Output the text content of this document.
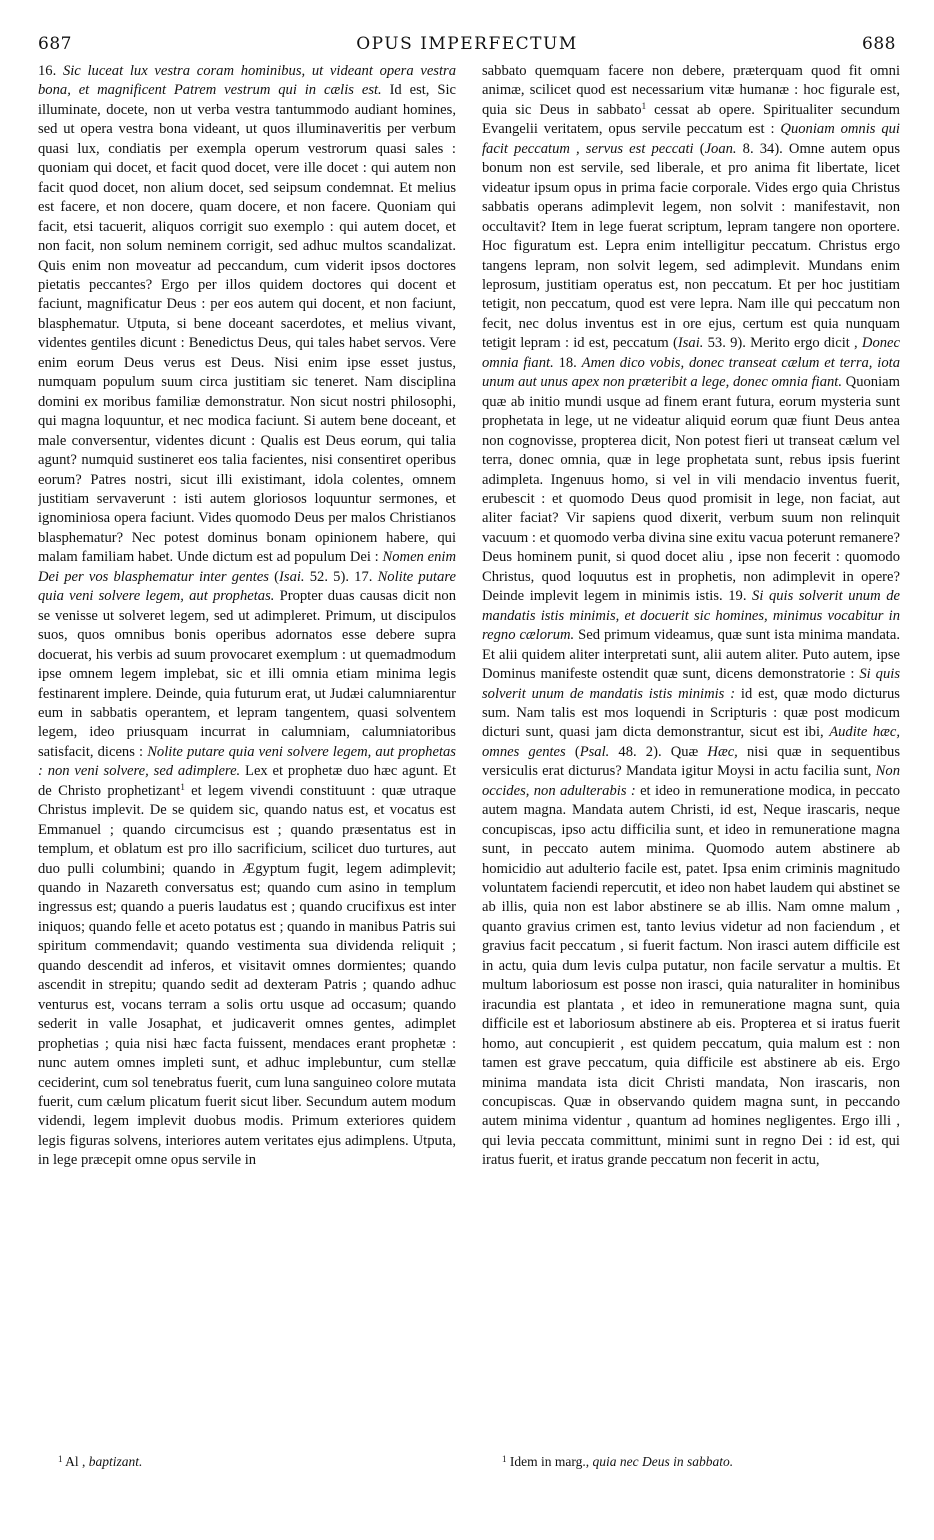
687	OPUS IMPERFECTUM	688

16. Sic luceat lux vestra coram hominibus, ut videant opera vestra bona, et magnificent Patrem vestrum qui in cælis est. Id est, Sic illuminate, docete, non ut verba vestra tantummodo audiant homines, sed ut opera vestra bona videant, ut quos illuminaveritis per verbum quasi lux, condiatis per exempla operum vestrorum quasi sales : quoniam qui docet, et facit quod docet, vere ille docet : qui autem non facit quod docet, non alium docet, sed seipsum condemnat. Et melius est facere, et non docere, quam docere, et non facere. Quoniam qui facit, etsi tacuerit, aliquos corrigit suo exemplo : qui autem docet, et non facit, non solum neminem corrigit, sed adhuc multos scandalizat. Quis enim non moveatur ad peccandum, cum viderit ipsos doctores pietatis peccantes? Ergo per illos quidem doctores qui docent et faciunt, magnificatur Deus : per eos autem qui docent, et non faciunt, blasphematur. Utputa, si bene doceant sacerdotes, et melius vivant, videntes gentiles dicunt : Benedictus Deus, qui tales habet servos. Vere enim eorum Deus verus est Deus. Nisi enim ipse esset justus, numquam populum suum circa justitiam sic teneret. Nam disciplina domini ex moribus familiæ demonstratur. Non sicut nostri philosophi, qui magna loquuntur, et nec modica faciunt. Si autem bene doceant, et male conversentur, videntes dicunt : Qualis est Deus eorum, qui talia agunt? numquid sustineret eos talia facientes, nisi consentiret operibus eorum? Patres nostri, sicut illi existimant, idola colentes, omnem justitiam servaverunt : isti autem gloriosos loquuntur sermones, et ignominiosa opera faciunt. Vides quomodo Deus per malos Christianos blasphematur? Nec potest dominus bonam opinionem habere, qui malam familiam habet. Unde dictum est ad populum Dei : Nomen enim Dei per vos blasphematur inter gentes (Isai. 52. 5). 17. Nolite putare quia veni solvere legem, aut prophetas. Propter duas causas dicit non se venisse ut solveret legem, sed ut adimpleret. Primum, ut discipulos suos, quos omnibus bonis operibus adornatos esse debere supra docuerat, his verbis ad suum provocaret exemplum : ut quemadmodum ipse omnem legem implebat, sic et illi omnia etiam minima legis festinarent implere. Deinde, quia futurum erat, ut Judæi calumniarentur eum in sabbatis operantem, et lepram tangentem, quasi solventem legem, ideo priusquam incurrat in calumniam, calumniatoribus satisfacit, dicens : Nolite putare quia veni solvere legem, aut prophetas : non veni solvere, sed adimplere. Lex et prophetæ duo hæc agunt. Et de Christo prophetizant$^1$ et legem vivendi constituunt : quæ utraque Christus implevit. De se quidem sic, quando natus est, et vocatus est Emmanuel ; quando circumcisus est ; quando præsentatus est in templum, et oblatum est pro illo sacrificium, scilicet duo turtures, aut duo pulli columbini; quando in Ægyptum fugit, legem adimplevit; quando in Nazareth conversatus est; quando cum asino in templum ingressus est; quando a pueris laudatus est ; quando crucifixus est inter iniquos; quando felle et aceto potatus est ; quando in manibus Patris sui spiritum commendavit; quando vestimenta sua dividenda reliquit ; quando descendit ad inferos, et visitavit omnes dormientes; quando ascendit in strepitu; quando sedit ad dexteram Patris ; quando adhuc venturus est, vocans terram a solis ortu usque ad occasum; quando sederit in valle Josaphat, et judicaverit omnes gentes, adimplet prophetias ; quia nisi hæc facta fuissent, mendaces erant prophetæ : nunc autem omnes impleti sunt, et adhuc implebuntur, cum stellæ ceciderint, cum sol tenebratus fuerit, cum luna sanguineo colore mutata fuerit, cum cælum plicatum fuerit sicut liber. Secundum autem modum videndi, legem implevit duobus modis. Primum exteriores quidem legis figuras solvens, interiores autem veritates ejus adimplens. Utputa, in lege præcepit omne opus servile in

sabbato quemquam facere non debere, præterquam quod fit omni animæ, scilicet quod est necessarium vitæ humanæ : hoc figurale est, quia sic Deus in sabbato$^1$ cessat ab opere. Spiritualiter secundum Evangelii veritatem, opus servile peccatum est : Quoniam omnis qui facit peccatum , servus est peccati (Joan. 8. 34). Omne autem opus bonum non est servile, sed liberale, et pro anima fit libertate, licet videatur ipsum opus in prima facie corporale. Vides ergo quia Christus sabbatis operans adimplevit legem, non solvit : manifestavit, non occultavit? Item in lege fuerat scriptum, lepram tangere non oportere. Hoc figuratum est. Lepra enim intelligitur peccatum. Christus ergo tangens lepram, non solvit legem, sed adimplevit. Mundans enim leprosum, justitiam operatus est, non peccatum. Et per hoc justitiam tetigit, non peccatum, quod est vere lepra. Nam ille qui peccatum non fecit, nec dolus inventus est in ore ejus, certum est quia nunquam tetigit lepram : id est, peccatum (Isai. 53. 9). Merito ergo dicit , Donec omnia fiant. 18. Amen dico vobis, donec transeat cælum et terra, iota unum aut unus apex non præteribit a lege, donec omnia fiant. Quoniam quæ ab initio mundi usque ad finem erant futura, eorum mysteria sunt prophetata in lege, ut ne videatur aliquid eorum quæ fiunt Deus antea non cognovisse, propterea dicit, Non potest fieri ut transeat cælum vel terra, donec omnia, quæ in lege prophetata sunt, rebus ipsis fuerint adimpleta. Ingenuus homo, si vel in vili mendacio inventus fuerit, erubescit : et quomodo Deus quod promisit in lege, non faciat, aut aliter faciat? Vir sapiens quod dixerit, verbum suum non relinquit vacuum : et quomodo verba divina sine exitu vacua poterunt remanere? Deus hominem punit, si quod docet aliu , ipse non fecerit : quomodo Christus, quod loquutus est in prophetis, non adimplevit in opere? Deinde implevit legem in minimis istis. 19. Si quis solverit unum de mandatis istis minimis, et docuerit sic homines, minimus vocabitur in regno cælorum. Sed primum videamus, quæ sunt ista minima mandata. Et alii quidem aliter interpretati sunt, alii autem aliter. Puto autem, ipse Dominus manifeste ostendit quæ sunt, dicens demonstratorie : Si quis solverit unum de mandatis istis minimis : id est, quæ modo dicturus sum. Nam talis est mos loquendi in Scripturis : quæ post modicum dicturi sunt, quasi jam dicta demonstrantur, sicut est ibi, Audite hæc, omnes gentes (Psal. 48. 2). Quæ Hæc, nisi quæ in sequentibus versiculis erat dicturus? Mandata igitur Moysi in actu facilia sunt, Non occides, non adulterabis : et ideo in remuneratione modica, in peccato autem magna. Mandata autem Christi, id est, Neque irascaris, neque concupiscas, ipso actu difficilia sunt, et ideo in remuneratione magna sunt, in peccato autem minima. Quomodo autem abstinere ab homicidio aut adulterio facile est, patet. Ipsa enim criminis magnitudo voluntatem faciendi repercutit, et ideo non habet laudem qui abstinet se ab illis, quia non est labor abstinere se ab illis. Nam omne malum , quanto gravius crimen est, tanto levius videtur ad non faciendum , et gravius facit peccatum , si fuerit factum. Non irasci autem difficile est in actu, quia dum levis culpa putatur, non facile servatur a multis. Et multum laboriosum est posse non irasci, quia naturaliter in hominibus iracundia est plantata , et ideo in remuneratione magna sunt, quia difficile est et laboriosum abstinere ab eis. Propterea et si iratus fuerit homo, aut concupierit , est quidem peccatum, quia malum est : non tamen est grave peccatum, quia difficile est abstinere ab eis. Ergo minima mandata ista dicit Christi mandata, Non irascaris, non concupiscas. Quæ in observando quidem magna sunt, in peccando autem minima videntur , quantum ad homines negligentes. Ergo illi , qui levia peccata committunt, minimi sunt in regno Dei : id est, qui iratus fuerit, et iratus grande peccatum non fecerit in actu,

$^1$ Al , baptizant.	$^1$ Idem in marg., quia nec Deus in sabbato.
